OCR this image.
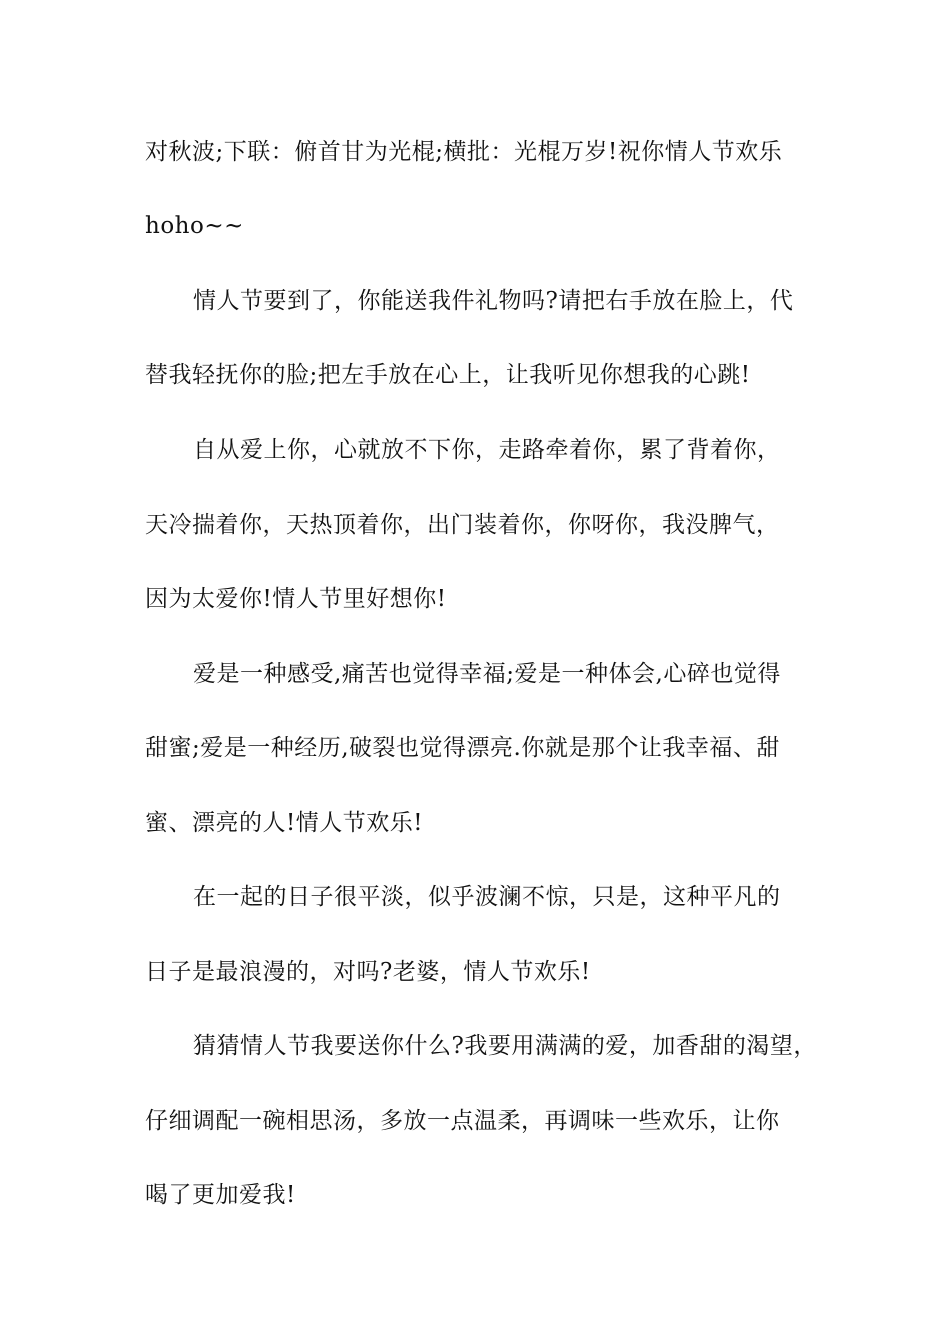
对秋波;下联：俯首甘为光棍;横批：光棍万岁!祝你情人节欢乐
hoho~~
情人节要到了，你能送我件礼物吗?请把右手放在脸上，代
替我轻抚你的脸;把左手放在心上，让我听见你想我的心跳!
自从爱上你，心就放不下你，走路牵着你，累了背着你，
天冷揣着你，天热顶着你，出门装着你，你呀你，我没脾气，
因为太爱你!情人节里好想你!
爱是一种感受,痛苦也觉得幸福;爱是一种体会,心碎也觉得
甜蜜;爱是一种经历,破裂也觉得漂亮.你就是那个让我幸福、甜
蜜、漂亮的人!情人节欢乐!
在一起的日子很平淡，似乎波澜不惊，只是，这种平凡的
日子是最浪漫的，对吗?老婆，情人节欢乐!
猜猜情人节我要送你什么?我要用满满的爱，加香甜的渴望，
仔细调配一碗相思汤，多放一点温柔，再调味一些欢乐，让你
喝了更加爱我!
